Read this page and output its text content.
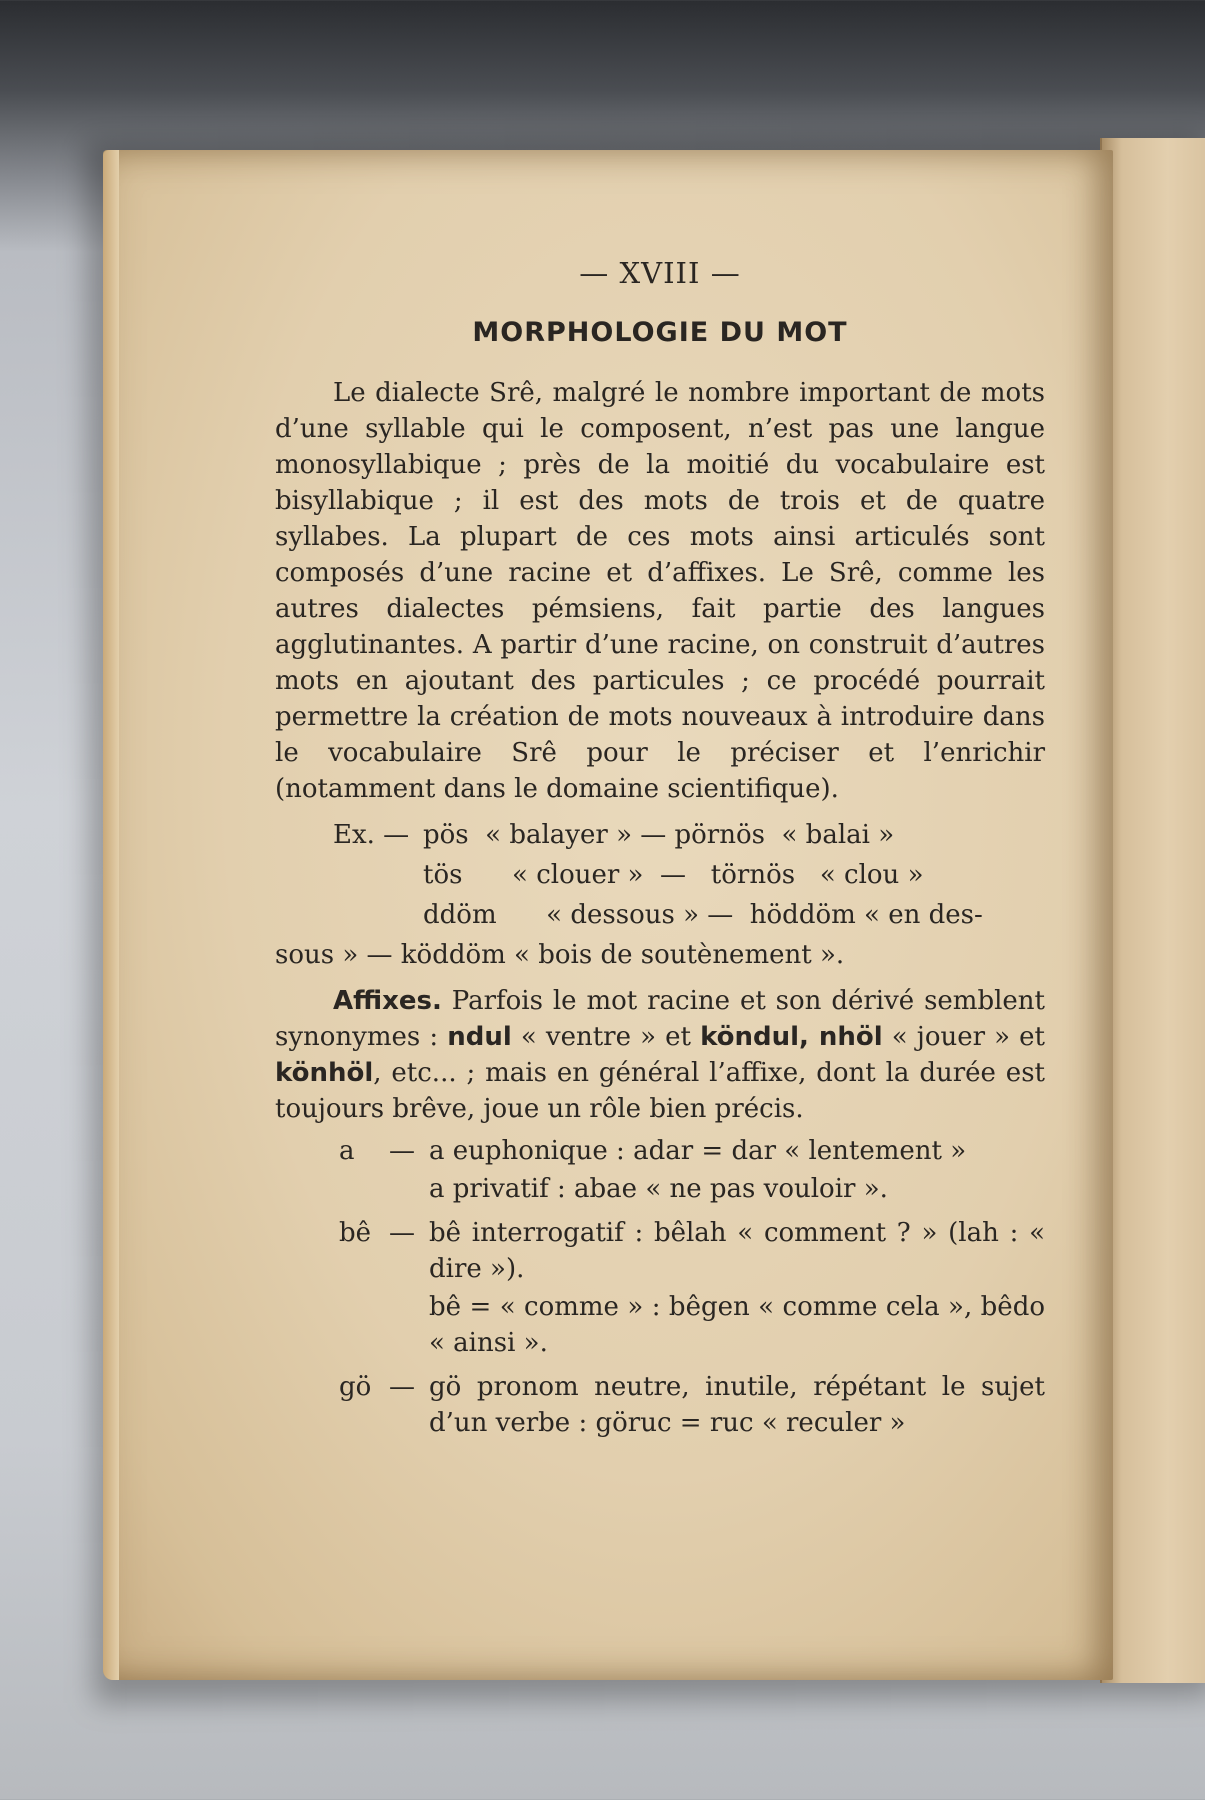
— XVIII —
MORPHOLOGIE DU MOT

Le dialecte Srê, malgré le nombre important de mots d’une syllable qui le composent, n’est pas une langue monosyllabique ; près de la moitié du vocabulaire est bisyllabique ; il est des mots de trois et de quatre syllabes. La plupart de ces mots ainsi articulés sont composés d’une racine et d’affixes. Le Srê, comme les autres dialectes pémsiens, fait partie des langues agglutinantes. A partir d’une racine, on construit d’autres mots en ajoutant des particules ; ce procédé pourrait permettre la création de mots nouveaux à introduire dans le vocabulaire Srê pour le préciser et l’enrichir (notamment dans le domaine scientifique).

Ex. — pös  « balayer » — pörnös  « balai »
tös      « clouer »  —   törnös   « clou »
ddöm      « dessous » —  höddöm « en des-
sous » — köddöm « bois de soutènement ».

Affixes. Parfois le mot racine et son dérivé semblent synonymes : ndul « ventre » et köndul, nhöl « jouer » et könhöl, etc... ; mais en général l’affixe, dont la durée est toujours brêve, joue un rôle bien précis.

a	— a euphonique : adar = dar « lentement »
a privatif : abae « ne pas vouloir ».
bê — bê interrogatif : bêlah « comment ? » (lah : « dire »).
bê = « comme » : bêgen « comme cela », bêdo « ainsi ».
gö — gö pronom neutre, inutile, répétant le sujet d’un verbe : göruc = ruc « reculer »
